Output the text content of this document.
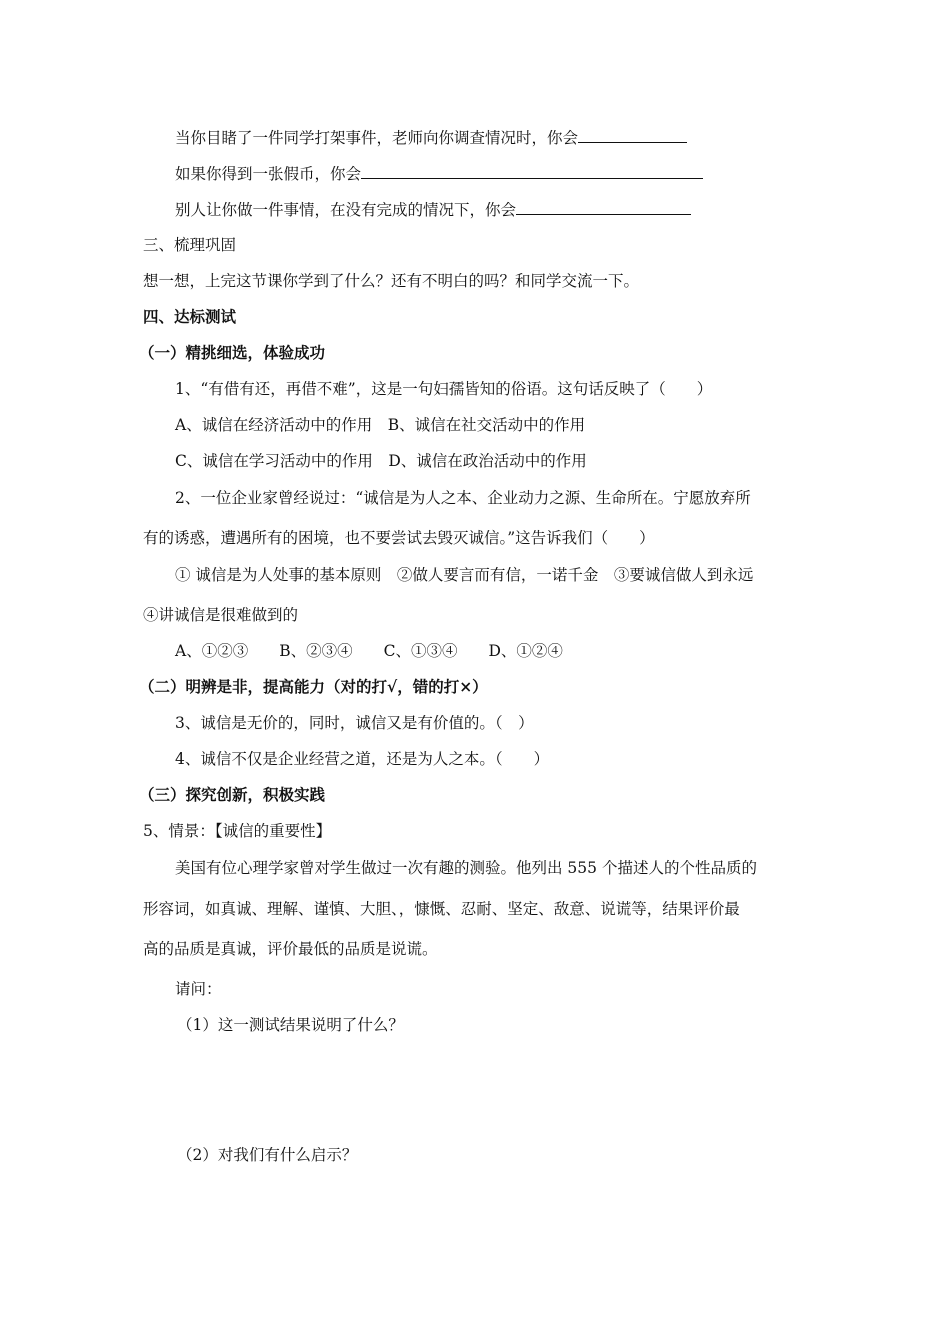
当你目睹了一件同学打架事件，老师向你调查情况时，你会
如果你得到一张假币，你会
别人让你做一件事情，在没有完成的情况下，你会
三、梳理巩固
想一想，上完这节课你学到了什么？还有不明白的吗？和同学交流一下。
四、达标测试
（一）精挑细选，体验成功
1、“有借有还，再借不难”，这是一句妇孺皆知的俗语。这句话反映了（　　）
A、诚信在经济活动中的作用　B、诚信在社交活动中的作用
C、诚信在学习活动中的作用　D、诚信在政治活动中的作用
2、一位企业家曾经说过：“诚信是为人之本、企业动力之源、生命所在。宁愿放弃所
有的诱惑，遭遇所有的困境，也不要尝试去毁灭诚信。”这告诉我们（　　）
① 诚信是为人处事的基本原则　②做人要言而有信，一诺千金　③要诚信做人到永远
④讲诚信是很难做到的
A、①②③　　B、②③④　　C、①③④　　D、①②④
（二）明辨是非，提高能力（对的打√，错的打×）
3、诚信是无价的，同时，诚信又是有价值的。（　）
4、诚信不仅是企业经营之道，还是为人之本。（　　）
（三）探究创新，积极实践
5、情景：【诚信的重要性】
美国有位心理学家曾对学生做过一次有趣的测验。他列出 555 个描述人的个性品质的
形容词，如真诚、理解、谨慎、大胆、，慷慨、忍耐、坚定、敌意、说谎等，结果评价最
高的品质是真诚，评价最低的品质是说谎。
请问：
（1）这一测试结果说明了什么？
（2）对我们有什么启示？
